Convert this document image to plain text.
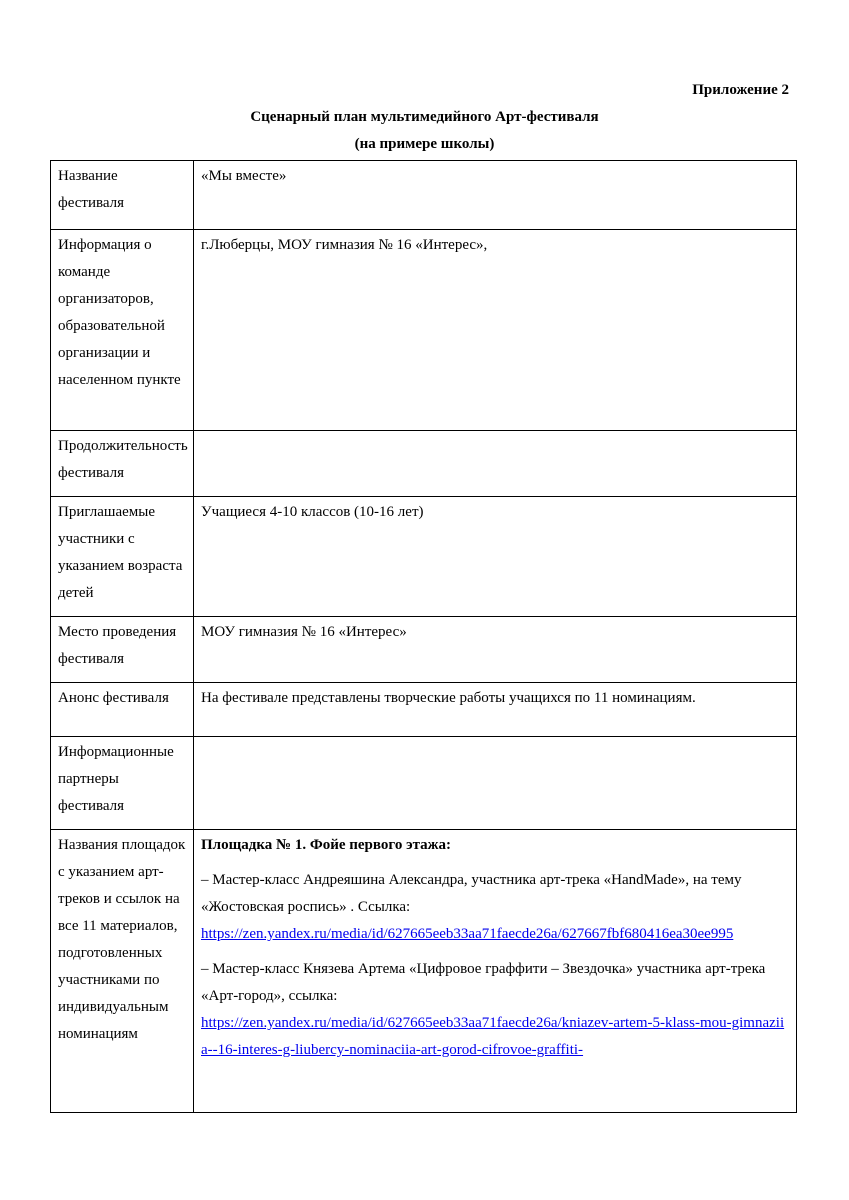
Приложение 2
Сценарный план мультимедийного Арт-фестиваля
(на примере школы)
Название фестиваля	«Мы вместе»
Информация о команде организаторов, образовательной организации и населенном пункте	г.Люберцы, МОУ гимназия № 16 «Интерес»,
Продолжительность фестиваля	
Приглашаемые участники с указанием возраста детей	Учащиеся 4-10 классов (10-16 лет)
Место проведения фестиваля	МОУ гимназия № 16 «Интерес»
Анонс фестиваля	На фестивале представлены творческие работы учащихся по 11 номинациям.
Информационные партнеры фестиваля	
Названия площадок с указанием арт-треков и ссылок на все 11 материалов, подготовленных участниками по индивидуальным номинациям	Площадка № 1. Фойе первого этажа:
– Мастер-класс Андреяшина Александра, участника арт-трека «HandMade», на тему «Жостовская роспись» . Ссылка:
https://zen.yandex.ru/media/id/627665eeb33aa71faecde26a/627667fbf680416ea30ee995
– Мастер-класс Князева Артема «Цифровое граффити – Звездочка» участника арт-трека «Арт-город», ссылка:
https://zen.yandex.ru/media/id/627665eeb33aa71faecde26a/kniazev-artem-5-klass-mou-gimnaziia--16-interes-g-liubercy-nominaciia-art-gorod-cifrovoe-graffiti-
